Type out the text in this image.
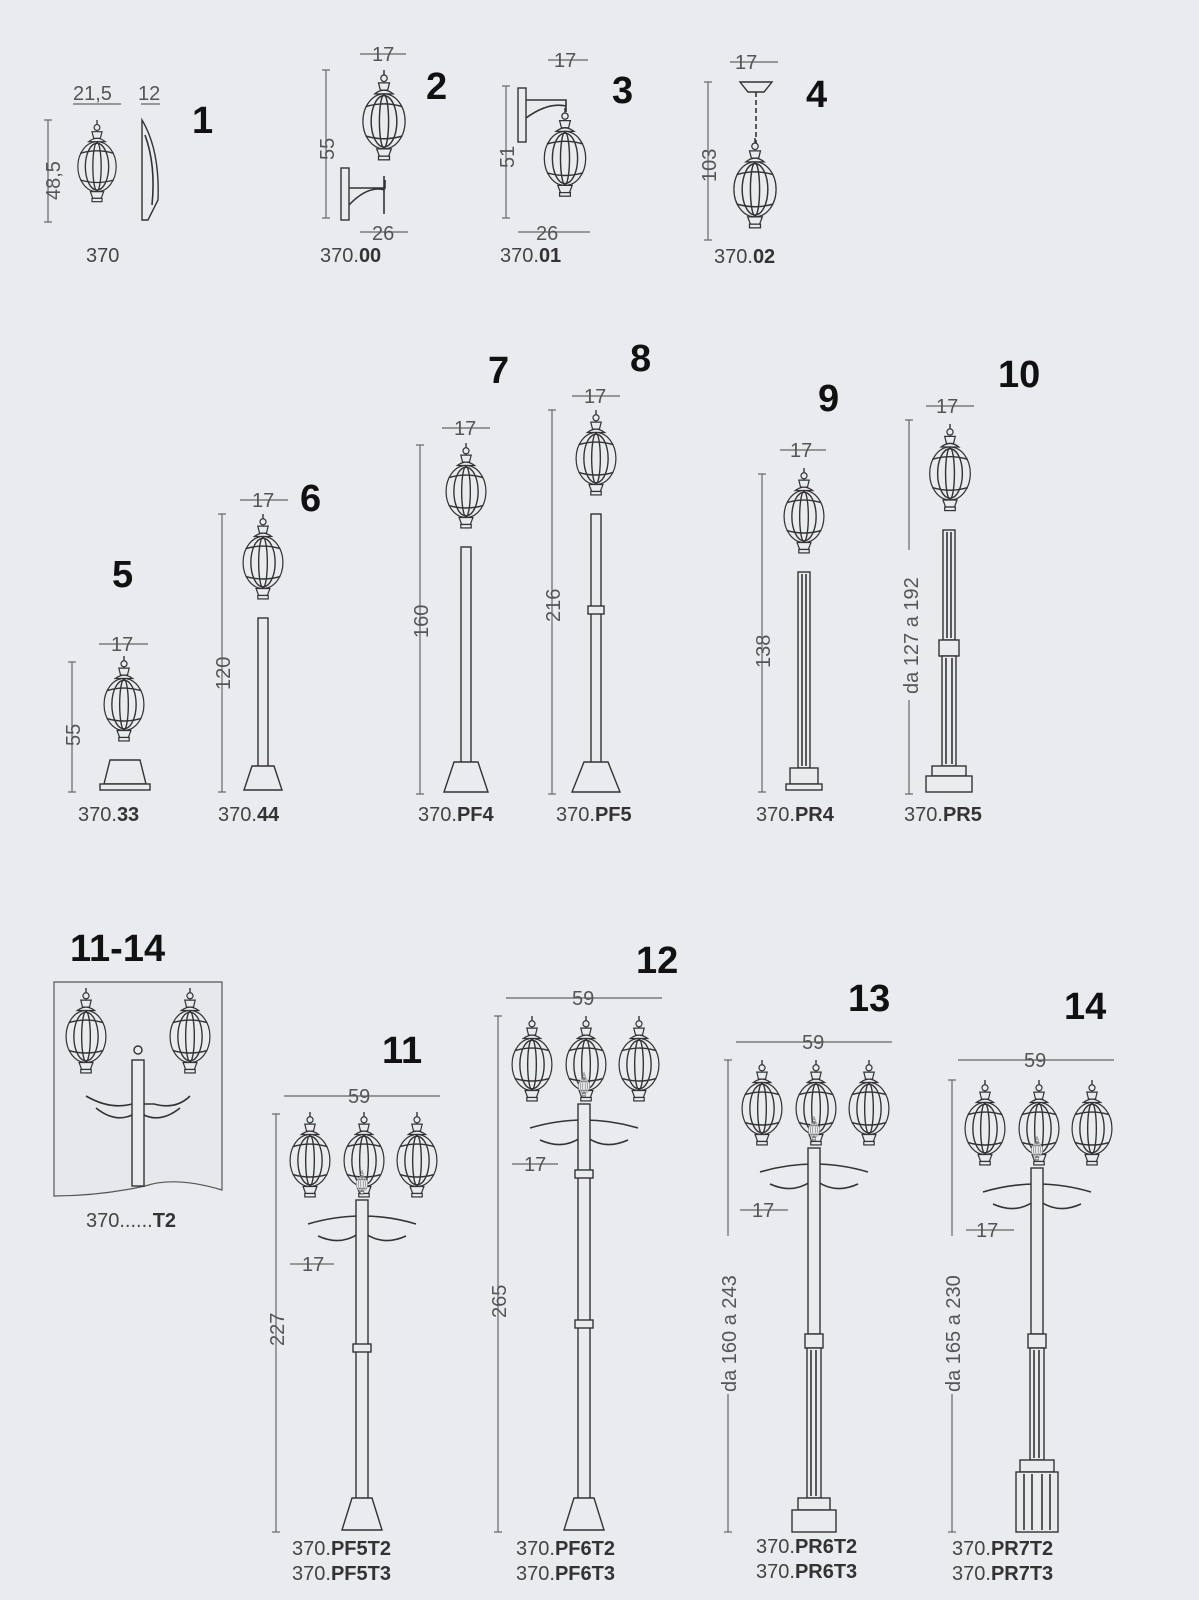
21,5 12
48,5
17
55
26
17
51
26
17
103
17
55
17
120
17
160
17
216
17
138
17
da 127 a 192
59
17
227
59
17
265
59
17
da 160 a 243
59
17
da 165 a 230
1
2	3	4
5
6
7	8
9
10
11-14
11
12
13	14
370	370.00	370.01	370.02
370.33	370.44	370.PF4	370.PF5	370.PR4	370.PR5
370......T2
370.PF5T2
370.PF5T3
370.PF6T2
370.PF6T3
370.PR6T2
370.PR6T3
370.PR7T2
370.PR7T3
